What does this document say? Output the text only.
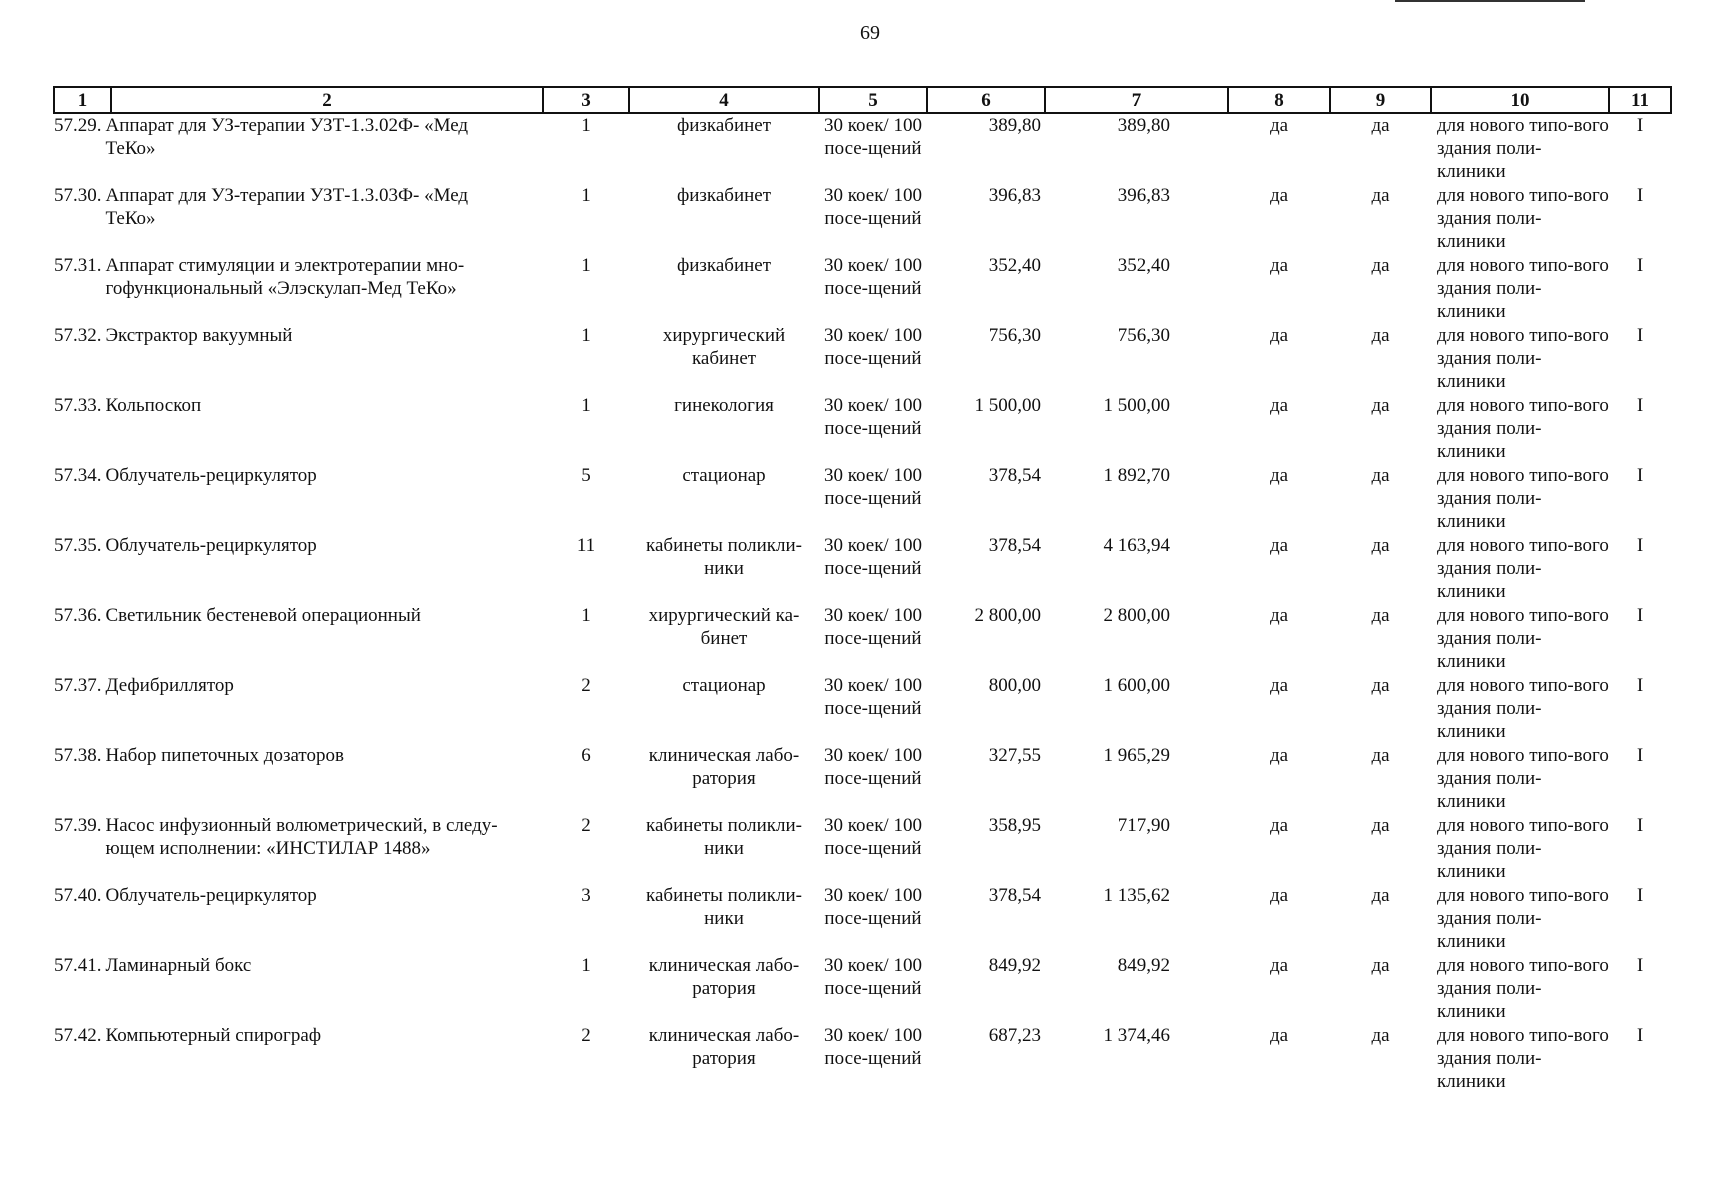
69
1	2	3	4	5	6	7	8	9	10	11

57.29. Аппарат для УЗ-терапии УЗТ-1.3.02Ф- «Мед ТеКо»		1	физкабинет	30 коек/ 100 посе-щений	389,80	389,80	да	да	для нового типо-вого здания поли-клиники	I

57.30. Аппарат для УЗ-терапии УЗТ-1.3.03Ф- «Мед ТеКо»		1	физкабинет	30 коек/ 100 посе-щений	396,83	396,83	да	да	для нового типо-вого здания поли-клиники	I

57.31. Аппарат стимуляции и электротерапии мно-гофункциональный «Элэскулап-Мед ТеКо»		1	физкабинет	30 коек/ 100 посе-щений	352,40	352,40	да	да	для нового типо-вого здания поли-клиники	I

57.32. Экстрактор вакуумный		1	хирургический кабинет	30 коек/ 100 посе-щений	756,30	756,30	да	да	для нового типо-вого здания поли-клиники	I

57.33. Кольпоскоп		1	гинекология	30 коек/ 100 посе-щений	1 500,00	1 500,00	да	да	для нового типо-вого здания поли-клиники	I

57.34. Облучатель-рециркулятор		5	стационар	30 коек/ 100 посе-щений	378,54	1 892,70	да	да	для нового типо-вого здания поли-клиники	I

57.35. Облучатель-рециркулятор		11	кабинеты поликли-ники	30 коек/ 100 посе-щений	378,54	4 163,94	да	да	для нового типо-вого здания поли-клиники	I

57.36. Светильник бестеневой операционный		1	хирургический ка-бинет	30 коек/ 100 посе-щений	2 800,00	2 800,00	да	да	для нового типо-вого здания поли-клиники	I

57.37. Дефибриллятор		2	стационар	30 коек/ 100 посе-щений	800,00	1 600,00	да	да	для нового типо-вого здания поли-клиники	I

57.38. Набор пипеточных дозаторов		6	клиническая лабо-ратория	30 коек/ 100 посе-щений	327,55	1 965,29	да	да	для нового типо-вого здания поли-клиники	I

57.39. Насос инфузионный волюметрический, в следу-ющем исполнении: «ИНСТИЛАР 1488»		2	кабинеты поликли-ники	30 коек/ 100 посе-щений	358,95	717,90	да	да	для нового типо-вого здания поли-клиники	I

57.40. Облучатель-рециркулятор		3	кабинеты поликли-ники	30 коек/ 100 посе-щений	378,54	1 135,62	да	да	для нового типо-вого здания поли-клиники	I

57.41. Ламинарный бокс		1	клиническая лабо-ратория	30 коек/ 100 посе-щений	849,92	849,92	да	да	для нового типо-вого здания поли-клиники	I

57.42. Компьютерный спирограф		2	клиническая лабо-ратория	30 коек/ 100 посе-щений	687,23	1 374,46	да	да	для нового типо-вого здания поли-клиники	I
